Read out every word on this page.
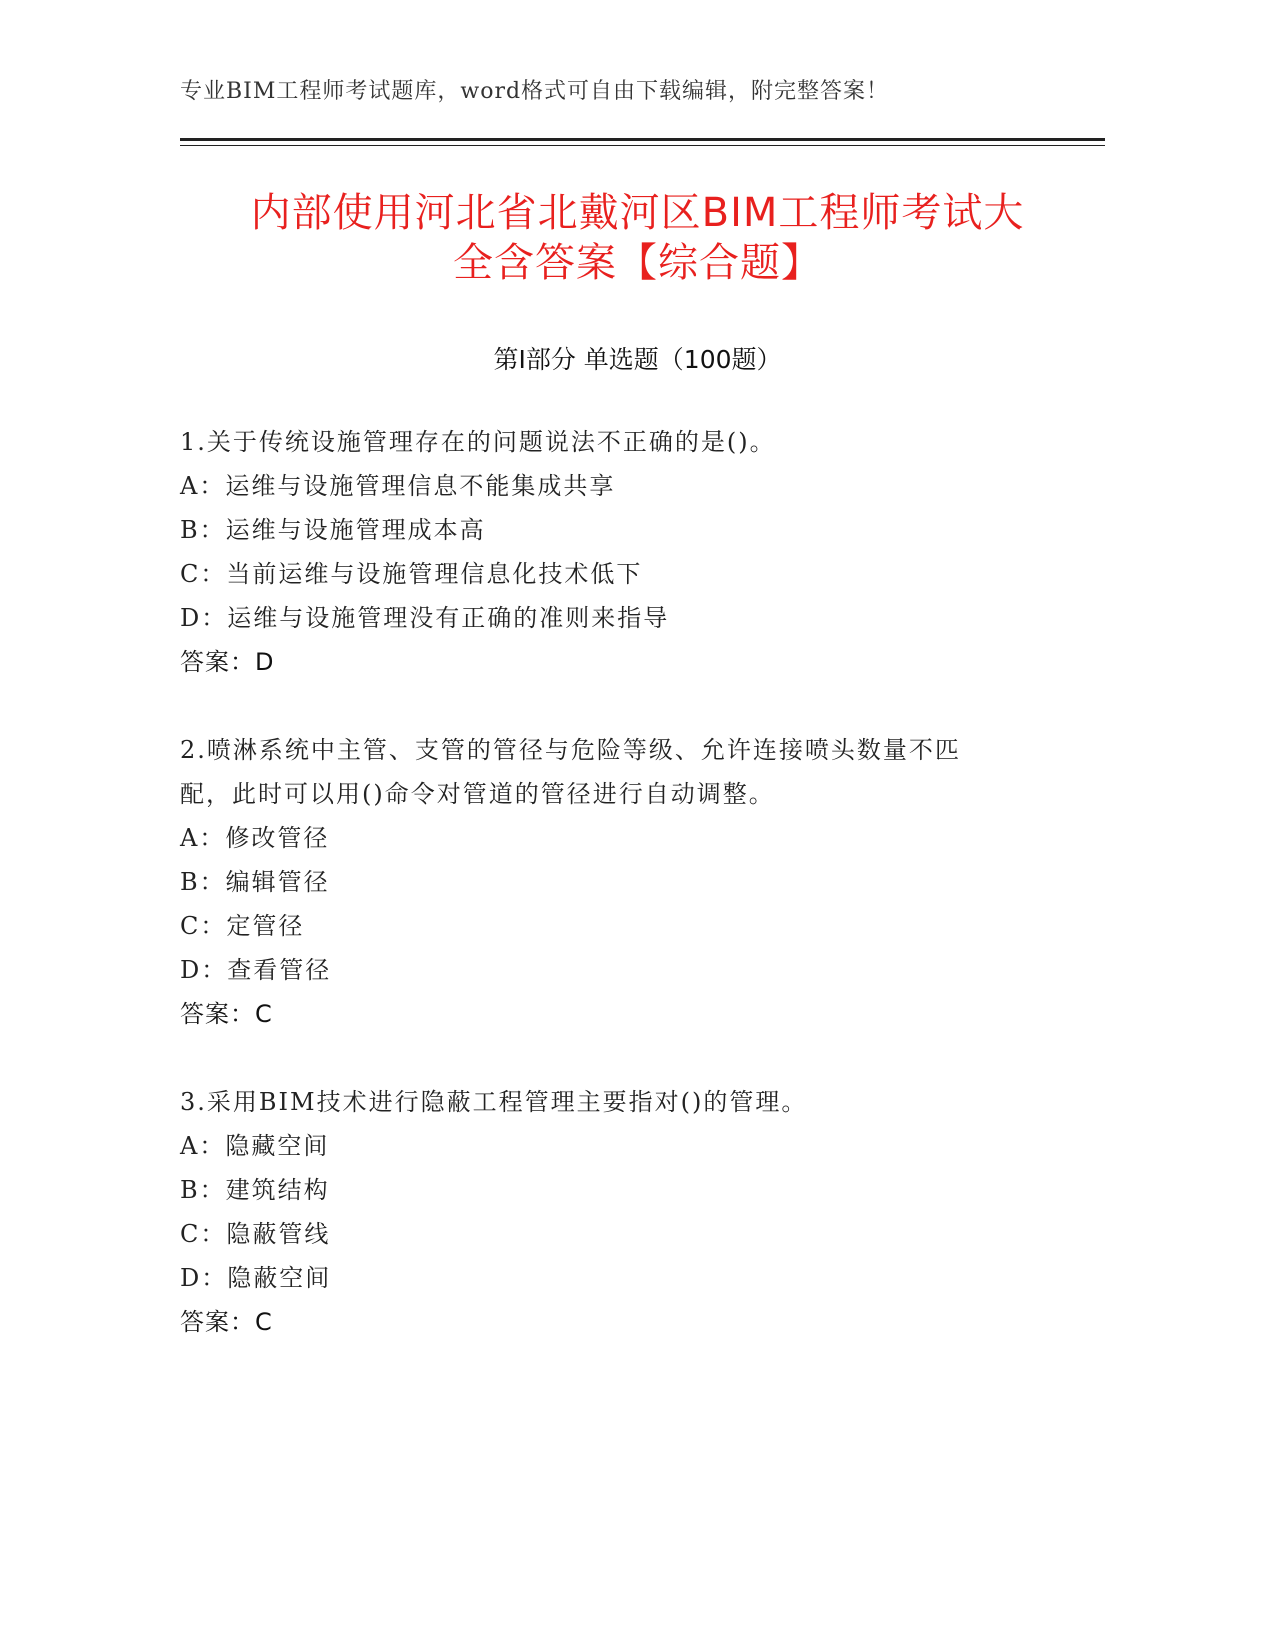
专业BIM工程师考试题库，word格式可自由下载编辑，附完整答案！
内部使用河北省北戴河区BIM工程师考试大
全含答案【综合题】
第Ⅰ部分 单选题（100题）
1.关于传统设施管理存在的问题说法不正确的是()。
A：运维与设施管理信息不能集成共享
B：运维与设施管理成本高
C：当前运维与设施管理信息化技术低下
D：运维与设施管理没有正确的准则来指导
答案：D
2.喷淋系统中主管、支管的管径与危险等级、允许连接喷头数量不匹
配，此时可以用()命令对管道的管径进行自动调整。
A：修改管径
B：编辑管径
C：定管径
D：查看管径
答案：C
3.采用BIM技术进行隐蔽工程管理主要指对()的管理。
A：隐藏空间
B：建筑结构
C：隐蔽管线
D：隐蔽空间
答案：C
